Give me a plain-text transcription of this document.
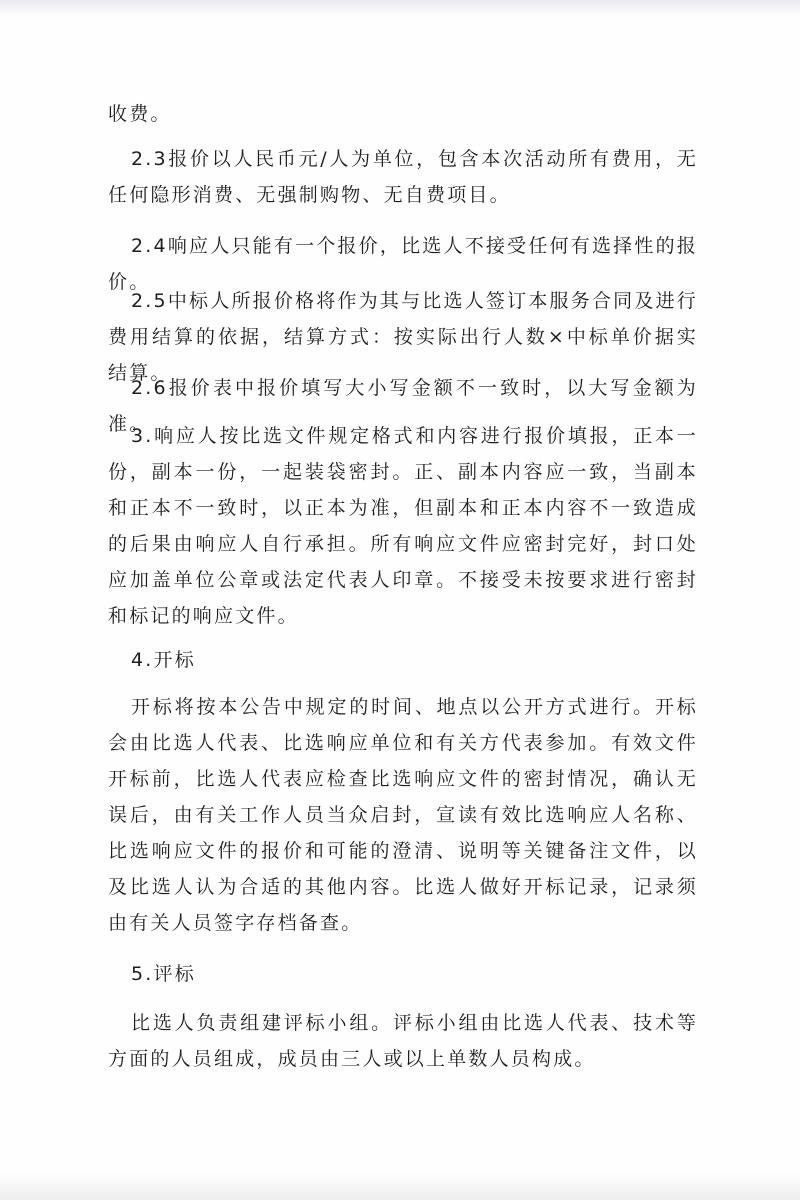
收费。

2.3报价以人民币元/人为单位，包含本次活动所有费用，无任何隐形消费、无强制购物、无自费项目。

2.4响应人只能有一个报价，比选人不接受任何有选择性的报价。

2.5中标人所报价格将作为其与比选人签订本服务合同及进行费用结算的依据，结算方式：按实际出行人数×中标单价据实结算。

2.6报价表中报价填写大小写金额不一致时，以大写金额为准。

3.响应人按比选文件规定格式和内容进行报价填报，正本一份，副本一份，一起装袋密封。正、副本内容应一致，当副本和正本不一致时，以正本为准，但副本和正本内容不一致造成的后果由响应人自行承担。所有响应文件应密封完好，封口处应加盖单位公章或法定代表人印章。不接受未按要求进行密封和标记的响应文件。

4.开标

开标将按本公告中规定的时间、地点以公开方式进行。开标会由比选人代表、比选响应单位和有关方代表参加。有效文件开标前，比选人代表应检查比选响应文件的密封情况，确认无误后，由有关工作人员当众启封，宣读有效比选响应人名称、比选响应文件的报价和可能的澄清、说明等关键备注文件，以及比选人认为合适的其他内容。比选人做好开标记录，记录须由有关人员签字存档备查。

5.评标

比选人负责组建评标小组。评标小组由比选人代表、技术等方面的人员组成，成员由三人或以上单数人员构成。
